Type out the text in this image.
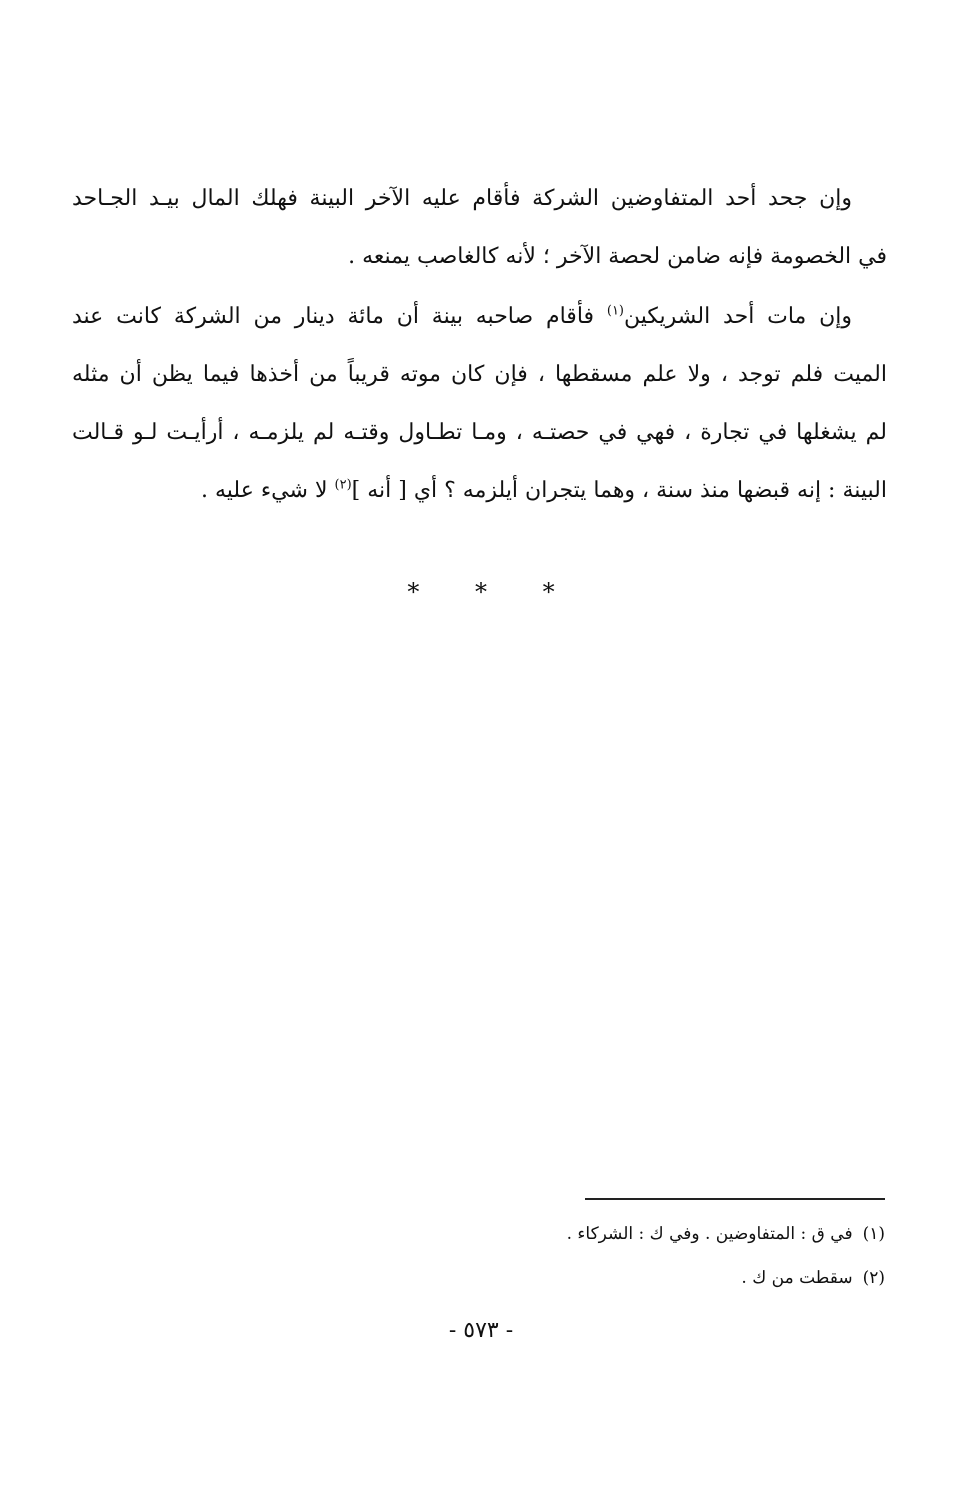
وإن جحد أحد المتفاوضين الشركة فأقام عليه الآخر البينة فهلك المال بيـد الجـاحد
في الخصومة فإنه ضامن لحصة الآخر ؛ لأنه كالغاصب يمنعه .
وإن مات أحد الشريكين$^{(١)}$ فأقام صاحبه بينة أن مائة دينار من الشركة كانت عند
الميت فلم توجد ، ولا علم مسقطها ، فإن كان موته قريباً من أخذها فيما يظن أن مثله
لم يشغلها في تجارة ، فهي في حصتـه ، ومـا تطـاول وقتـه لم يلزمـه ، أرأيـت لـو قـالت
البينة : إنه قبضها منذ سنة ، وهما يتجران أيلزمه ؟ أي [ أنه ]$^{(٢)}$ لا شيء عليه .
* * *
(١)في ق : المتفاوضين . وفي ك : الشركاء .
(٢)سقطت من ك .
- ٥٧٣ -
